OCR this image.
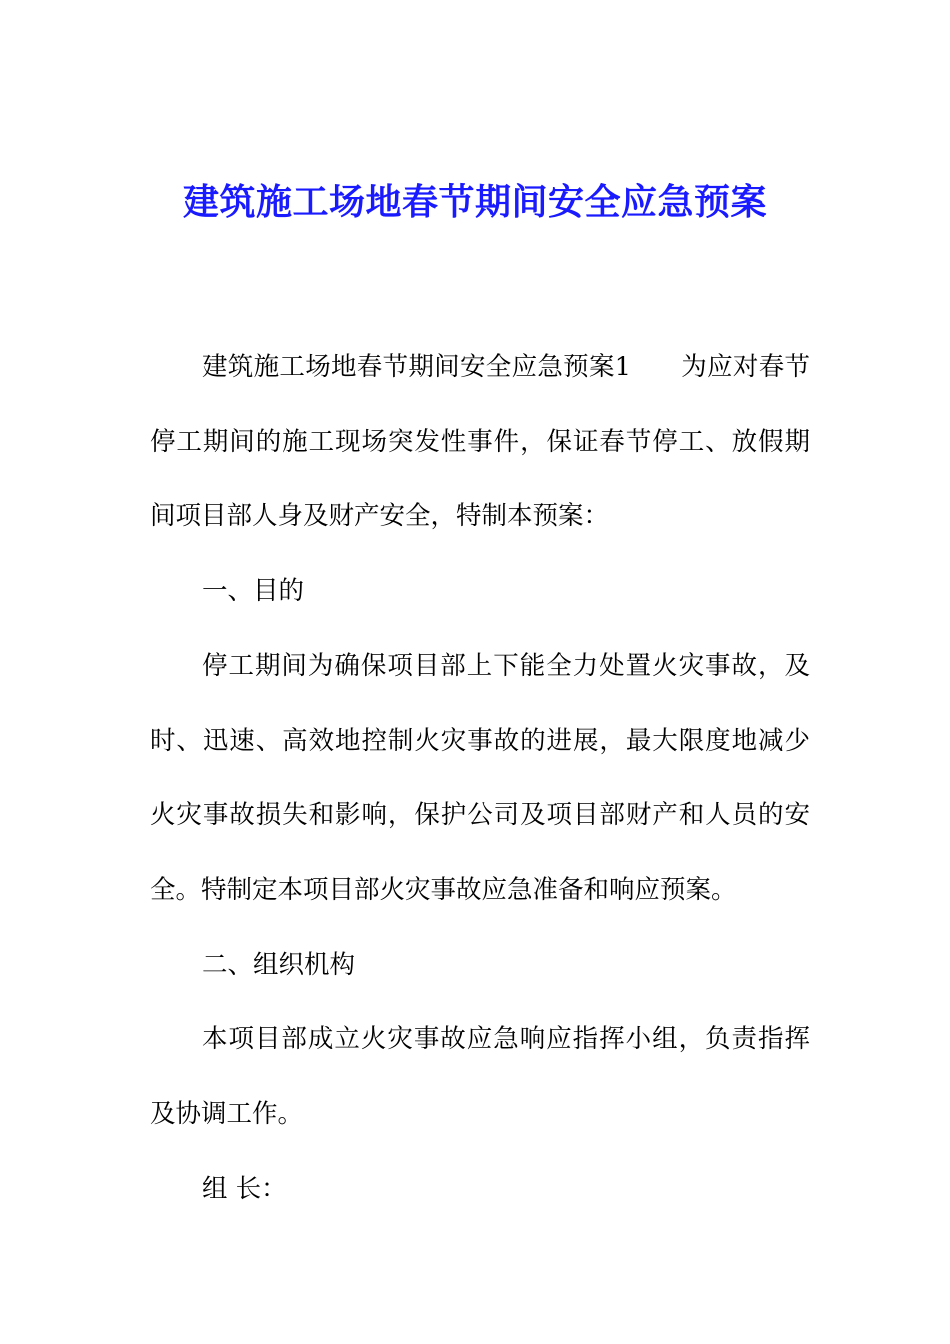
建筑施工场地春节期间安全应急预案

建筑施工场地春节期间安全应急预案1 为应对春节停工期间的施工现场突发性事件，保证春节停工、放假期间项目部人身及财产安全，特制本预案：

一、目的

停工期间为确保项目部上下能全力处置火灾事故，及时、迅速、高效地控制火灾事故的进展，最大限度地减少火灾事故损失和影响，保护公司及项目部财产和人员的安全。特制定本项目部火灾事故应急准备和响应预案。

二、组织机构

本项目部成立火灾事故应急响应指挥小组，负责指挥及协调工作。

组 长：
